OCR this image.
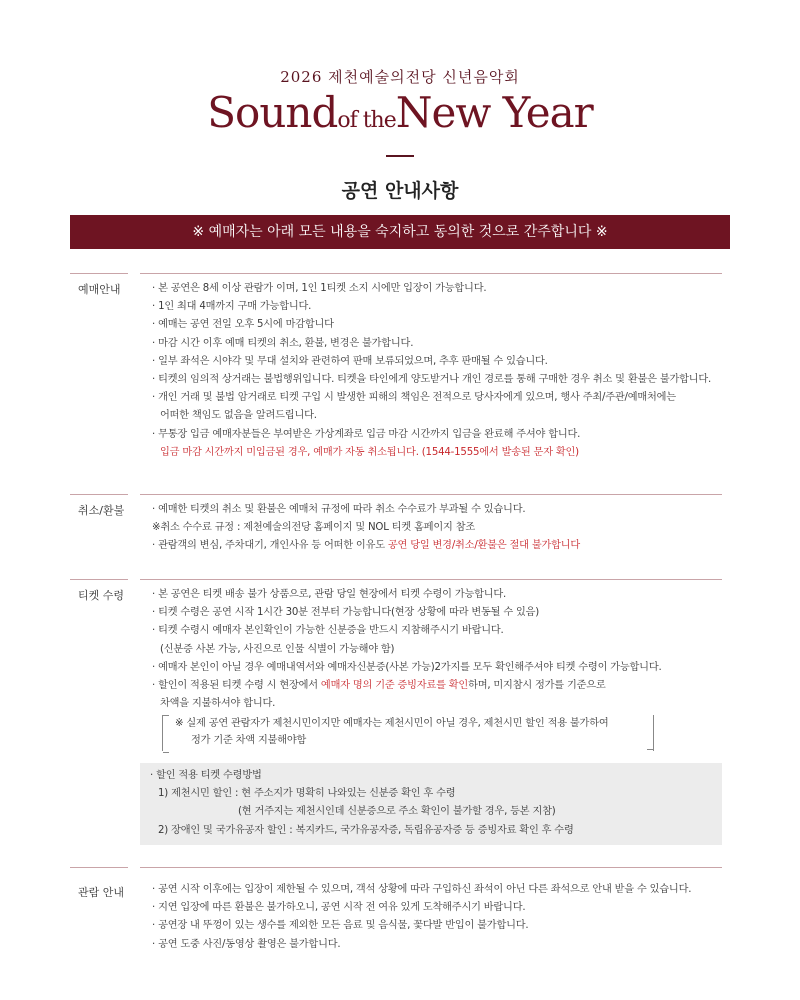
2026 제천예술의전당 신년음악회
Soundof theNew Year
공연 안내사항
※ 예매자는 아래 모든 내용을 숙지하고 동의한 것으로 간주합니다 ※
예매안내	· 본 공연은 8세 이상 관람가 이며, 1인 1티켓 소지 시에만 입장이 가능합니다.
· 1인 최대 4매까지 구매 가능합니다.
· 예매는 공연 전일 오후 5시에 마감합니다
· 마감 시간 이후 예매 티켓의 취소, 환불, 변경은 불가합니다.
· 일부 좌석은 시야각 및 무대 설치와 관련하여 판매 보류되었으며, 추후 판매될 수 있습니다.
· 티켓의 임의적 상거래는 불법행위입니다. 티켓을 타인에게 양도받거나 개인 경로를 통해 구매한 경우 취소 및 환불은 불가합니다.
· 개인 거래 및 불법 암거래로 티켓 구입 시 발생한 피해의 책임은 전적으로 당사자에게 있으며, 행사 주최/주관/예매처에는
어떠한 책임도 없음을 알려드립니다.
· 무통장 입금 예매자분들은 부여받은 가상계좌로 입금 마감 시간까지 입금을 완료해 주셔야 합니다.
입금 마감 시간까지 미입금된 경우, 예매가 자동 취소됩니다. (1544-1555에서 발송된 문자 확인)
취소/환불	· 예매한 티켓의 취소 및 환불은 예매처 규정에 따라 취소 수수료가 부과될 수 있습니다.
※취소 수수료 규정 : 제천예술의전당 홈페이지 및 NOL 티켓 홈페이지 참조
· 관람객의 변심, 주차대기, 개인사유 등 어떠한 이유도 공연 당일 변경/취소/환불은 절대 불가합니다
티켓 수령	· 본 공연은 티켓 배송 불가 상품으로, 관람 당일 현장에서 티켓 수령이 가능합니다.
· 티켓 수령은 공연 시작 1시간 30분 전부터 가능합니다(현장 상황에 따라 변동될 수 있음)
· 티켓 수령시 예매자 본인확인이 가능한 신분증을 반드시 지참해주시기 바랍니다.
(신분증 사본 가능, 사진으로 인물 식별이 가능해야 함)
· 예매자 본인이 아닐 경우 예매내역서와 예매자신분증(사본 가능)2가지를 모두 확인해주셔야 티켓 수령이 가능합니다.
· 할인이 적용된 티켓 수령 시 현장에서 예매자 명의 기준 증빙자료를 확인하며, 미지참시 정가를 기준으로
차액을 지불하셔야 합니다.
※ 실제 공연 관람자가 제천시민이지만 예매자는 제천시민이 아닐 경우, 제천시민 할인 적용 불가하여
정가 기준 차액 지불해야함
· 할인 적용 티켓 수령방법
1) 제천시민 할인 : 현 주소지가 명확히 나와있는 신분증 확인 후 수령
(현 거주지는 제천시인데 신분증으로 주소 확인이 불가할 경우, 등본 지참)
2) 장애인 및 국가유공자 할인 : 복지카드, 국가유공자증, 독립유공자증 등 증빙자료 확인 후 수령
관람 안내	· 공연 시작 이후에는 입장이 제한될 수 있으며, 객석 상황에 따라 구입하신 좌석이 아닌 다른 좌석으로 안내 받을 수 있습니다.
· 지연 입장에 따른 환불은 불가하오니, 공연 시작 전 여유 있게 도착해주시기 바랍니다.
· 공연장 내 뚜껑이 있는 생수를 제외한 모든 음료 및 음식물, 꽃다발 반입이 불가합니다.
· 공연 도중 사진/동영상 촬영은 불가합니다.
